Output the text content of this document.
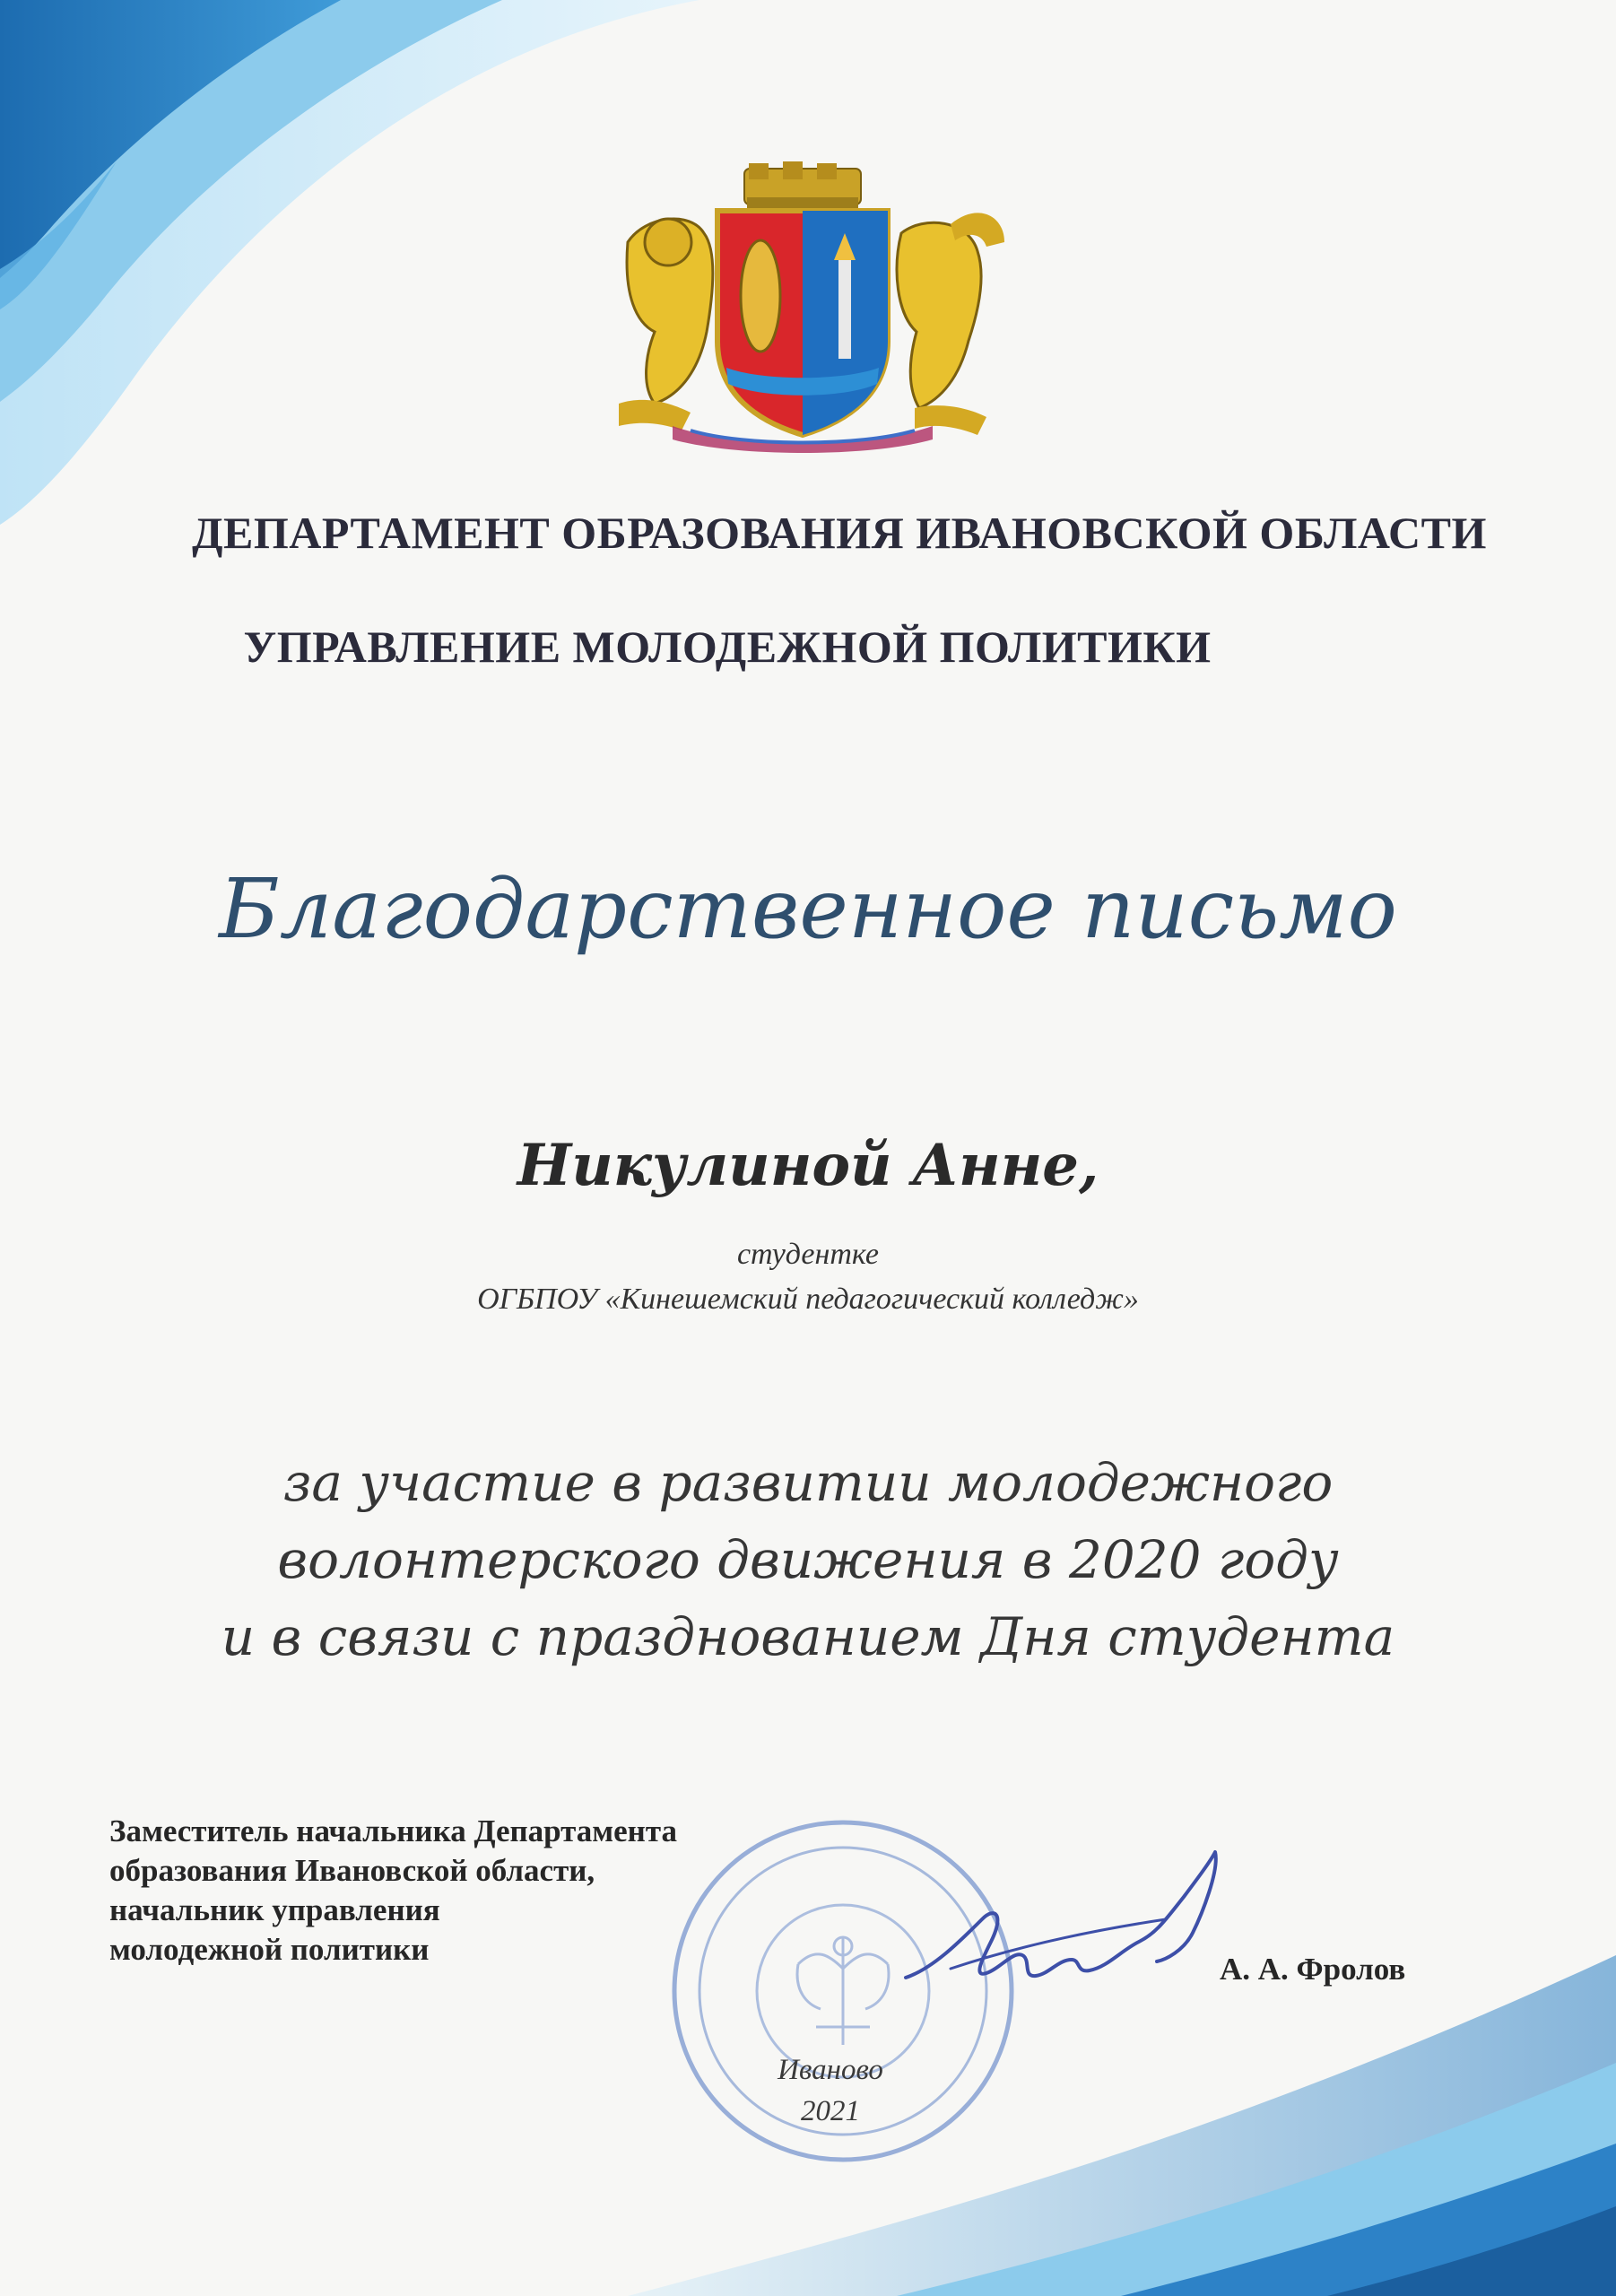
ДЕПАРТАМЕНТ ОБРАЗОВАНИЯ ИВАНОВСКОЙ ОБЛАСТИ
УПРАВЛЕНИЕ МОЛОДЕЖНОЙ ПОЛИТИКИ
Благодарственное письмо
Никулиной Анне,
студентке
ОГБПОУ «Кинешемский педагогический колледж»
за участие в развитии молодежного
волонтерского движения в 2020 году
и в связи с празднованием Дня студента
Заместитель начальника Департамента
образования Ивановской области,
начальник управления
молодежной политики
А. А. Фролов
Иваново
2021
